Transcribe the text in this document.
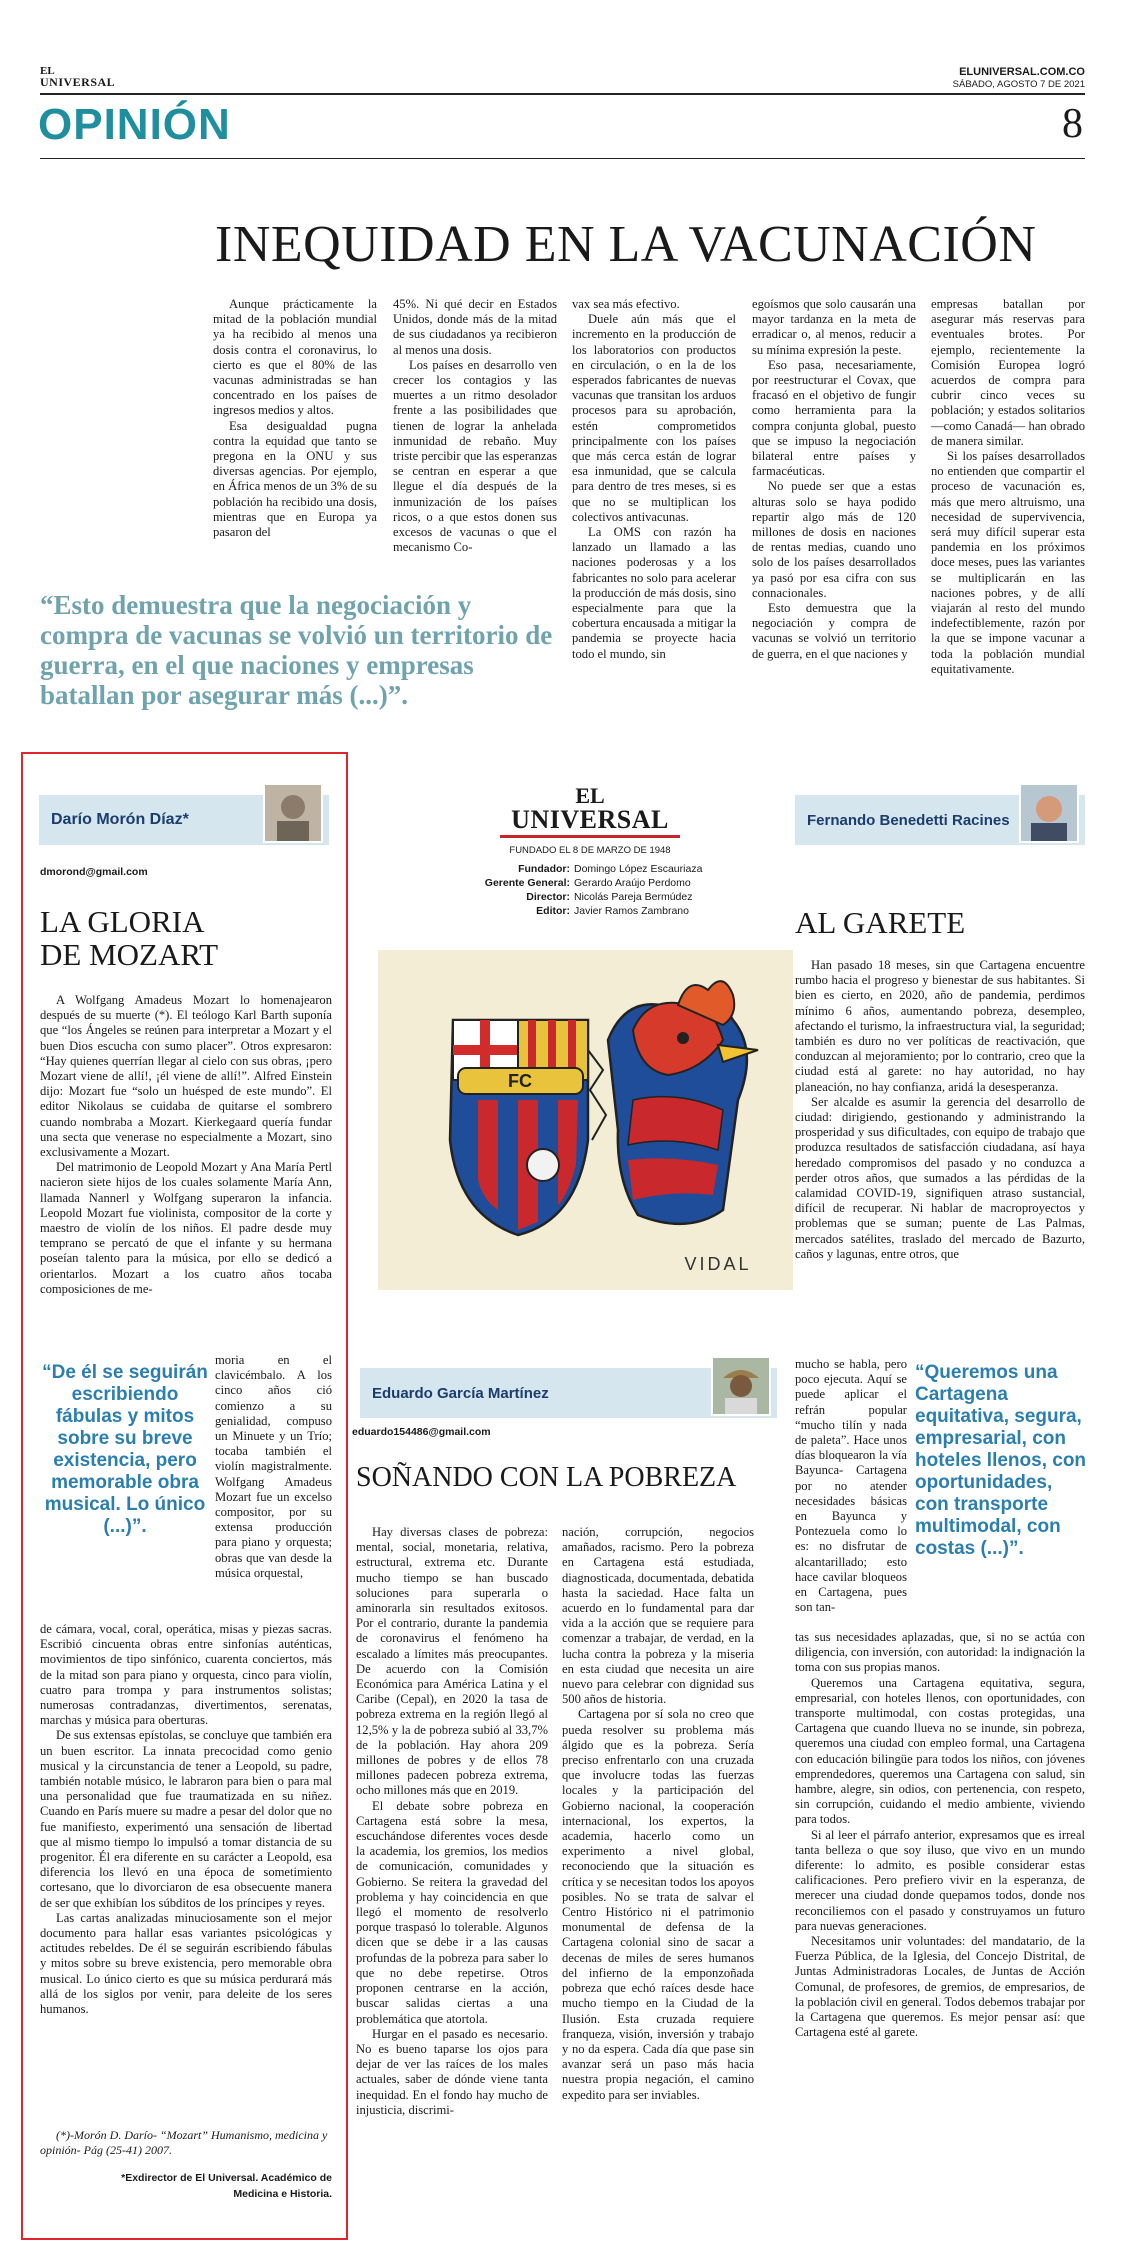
EL
UNIVERSAL
ELUNIVERSAL.COM.CO
SÁBADO, AGOSTO 7 DE 2021
OPINIÓN	8
INEQUIDAD EN LA VACUNACIÓN

Aunque prácticamente la mitad de la población mundial ya ha recibido al menos una dosis contra el coronavirus, lo cierto es que el 80% de las vacunas administradas se han concentrado en los países de ingresos medios y altos.

Esa desigualdad pugna contra la equidad que tanto se pregona en la ONU y sus diversas agencias. Por ejemplo, en África menos de un 3% de su población ha recibido una dosis, mientras que en Europa ya pasaron del

45%. Ni qué decir en Estados Unidos, donde más de la mitad de sus ciudadanos ya recibieron al menos una dosis.

Los países en desarrollo ven crecer los contagios y las muertes a un ritmo desolador frente a las posibilidades que tienen de lograr la anhelada inmunidad de rebaño. Muy triste percibir que las esperanzas se centran en esperar a que llegue el día después de la inmunización de los países ricos, o a que estos donen sus excesos de vacunas o que el mecanismo Co-

vax sea más efectivo.

Duele aún más que el incremento en la producción de los laboratorios con productos en circulación, o en la de los esperados fabricantes de nuevas vacunas que transitan los arduos procesos para su aprobación, estén comprometidos principalmente con los países que más cerca están de lograr esa inmunidad, que se calcula para dentro de tres meses, si es que no se multiplican los colectivos antivacunas.

La OMS con razón ha lanzado un llamado a las naciones poderosas y a los fabricantes no solo para acelerar la producción de más dosis, sino especialmente para que la cobertura encausada a mitigar la pandemia se proyecte hacia todo el mundo, sin

egoísmos que solo causarán una mayor tardanza en la meta de erradicar o, al menos, reducir a su mínima expresión la peste.

Eso pasa, necesariamente, por reestructurar el Covax, que fracasó en el objetivo de fungir como herramienta para la compra conjunta global, puesto que se impuso la negociación bilateral entre países y farmacéuticas.

No puede ser que a estas alturas solo se haya podido repartir algo más de 120 millones de dosis en naciones de rentas medias, cuando uno solo de los países desarrollados ya pasó por esa cifra con sus connacionales.

Esto demuestra que la negociación y compra de vacunas se volvió un territorio de guerra, en el que naciones y

empresas batallan por asegurar más reservas para eventuales brotes. Por ejemplo, recientemente la Comisión Europea logró acuerdos de compra para cubrir cinco veces su población; y estados solitarios —como Canadá— han obrado de manera similar.

Si los países desarrollados no entienden que compartir el proceso de vacunación es, más que mero altruismo, una necesidad de supervivencia, será muy difícil superar esta pandemia en los próximos doce meses, pues las variantes se multiplicarán en las naciones pobres, y de allí viajarán al resto del mundo indefectiblemente, razón por la que se impone vacunar a toda la población mundial equitativamente.

“Esto demuestra que la negociación y compra de vacunas se volvió un territorio de guerra, en el que naciones y empresas batallan por asegurar más (...)”.
Darío Morón Díaz*
dmorond@gmail.com
LA GLORIA
DE MOZART

A Wolfgang Amadeus Mozart lo homenajearon después de su muerte (*). El teólogo Karl Barth suponía que “los Ángeles se reúnen para interpretar a Mozart y el buen Dios escucha con sumo placer”. Otros expresaron: “Hay quienes querrían llegar al cielo con sus obras, ¡pero Mozart viene de allí!, ¡él viene de allí!”. Alfred Einstein dijo: Mozart fue “solo un huésped de este mundo”. El editor Nikolaus se cuidaba de quitarse el sombrero cuando nombraba a Mozart. Kierkegaard quería fundar una secta que venerase no especialmente a Mozart, sino exclusivamente a Mozart.

Del matrimonio de Leopold Mozart y Ana María Pertl nacieron siete hijos de los cuales solamente María Ann, llamada Nannerl y Wolfgang superaron la infancia. Leopold Mozart fue violinista, compositor de la corte y maestro de violín de los niños. El padre desde muy temprano se percató de que el infante y su hermana poseían talento para la música, por ello se dedicó a orientarlos. Mozart a los cuatro años tocaba composiciones de me-

“De él se seguirán escribiendo fábulas y mitos sobre su breve existencia, pero memorable obra musical. Lo único (...)”.

moria en el clavicémbalo. A los cinco años ció comienzo a su genialidad, compuso un Minuete y un Trío; tocaba también el violín magistralmente. Wolfgang Amadeus Mozart fue un excelso compositor, por su extensa producción para piano y orquesta; obras que van desde la música orquestal,

de cámara, vocal, coral, operática, misas y piezas sacras. Escribió cincuenta obras entre sinfonías auténticas, movimientos de tipo sinfónico, cuarenta conciertos, más de la mitad son para piano y orquesta, cinco para violín, cuatro para trompa y para instrumentos solistas; numerosas contradanzas, divertimentos, serenatas, marchas y música para oberturas.

De sus extensas epístolas, se concluye que también era un buen escritor. La innata precocidad como genio musical y la circunstancia de tener a Leopold, su padre, también notable músico, le labraron para bien o para mal una personalidad que fue traumatizada en su niñez. Cuando en París muere su madre a pesar del dolor que no fue manifiesto, experimentó una sensación de libertad que al mismo tiempo lo impulsó a tomar distancia de su progenitor. Él era diferente en su carácter a Leopold, esa diferencia los llevó en una época de sometimiento cortesano, que lo divorciaron de esa obsecuente manera de ser que exhibían los súbditos de los príncipes y reyes.

Las cartas analizadas minuciosamente son el mejor documento para hallar esas variantes psicológicas y actitudes rebeldes. De él se seguirán escribiendo fábulas y mitos sobre su breve existencia, pero memorable obra musical. Lo único cierto es que su música perdurará más allá de los siglos por venir, para deleite de los seres humanos.

(*)-Morón D. Darío- “Mozart” Humanismo, medicina y opinión- Pág (25-41) 2007.
*Exdirector de El Universal. Académico de
Medicina e Historia.
EL
UNIVERSAL
FUNDADO EL 8 DE MARZO DE 1948
Fundador: Domingo López Escauriaza
Gerente General: Gerardo Araújo Perdomo
Director: Nicolás Pareja Bermúdez
Editor: Javier Ramos Zambrano
FC
VIDAL
Eduardo García Martínez
eduardo154486@gmail.com
SOÑANDO CON LA POBREZA

Hay diversas clases de pobreza: mental, social, monetaria, relativa, estructural, extrema etc. Durante mucho tiempo se han buscado soluciones para superarla o aminorarla sin resultados exitosos. Por el contrario, durante la pandemia de coronavirus el fenómeno ha escalado a límites más preocupantes. De acuerdo con la Comisión Económica para América Latina y el Caribe (Cepal), en 2020 la tasa de pobreza extrema en la región llegó al 12,5% y la de pobreza subió al 33,7% de la población. Hay ahora 209 millones de pobres y de ellos 78 millones padecen pobreza extrema, ocho millones más que en 2019.

El debate sobre pobreza en Cartagena está sobre la mesa, escuchándose diferentes voces desde la academia, los gremios, los medios de comunicación, comunidades y Gobierno. Se reitera la gravedad del problema y hay coincidencia en que llegó el momento de resolverlo porque traspasó lo tolerable. Algunos dicen que se debe ir a las causas profundas de la pobreza para saber lo que no debe repetirse. Otros proponen centrarse en la acción, buscar salidas ciertas a una problemática que atortola.

Hurgar en el pasado es necesario. No es bueno taparse los ojos para dejar de ver las raíces de los males actuales, saber de dónde viene tanta inequidad. En el fondo hay mucho de injusticia, discrimi-

nación, corrupción, negocios amañados, racismo. Pero la pobreza en Cartagena está estudiada, diagnosticada, documentada, debatida hasta la saciedad. Hace falta un acuerdo en lo fundamental para dar vida a la acción que se requiere para comenzar a trabajar, de verdad, en la lucha contra la pobreza y la miseria en esta ciudad que necesita un aire nuevo para celebrar con dignidad sus 500 años de historia.

Cartagena por sí sola no creo que pueda resolver su problema más álgido que es la pobreza. Sería preciso enfrentarlo con una cruzada que involucre todas las fuerzas locales y la participación del Gobierno nacional, la cooperación internacional, los expertos, la academia, hacerlo como un experimento a nivel global, reconociendo que la situación es crítica y se necesitan todos los apoyos posibles. No se trata de salvar el Centro Histórico ni el patrimonio monumental de defensa de la Cartagena colonial sino de sacar a decenas de miles de seres humanos del infierno de la emponzoñada pobreza que echó raíces desde hace mucho tiempo en la Ciudad de la Ilusión. Esta cruzada requiere franqueza, visión, inversión y trabajo y no da espera. Cada día que pase sin avanzar será un paso más hacia nuestra propia negación, el camino expedito para ser inviables.

Fernando Benedetti Racines
AL GARETE

Han pasado 18 meses, sin que Cartagena encuentre rumbo hacia el progreso y bienestar de sus habitantes. Si bien es cierto, en 2020, año de pandemia, perdimos mínimo 6 años, aumentando pobreza, desempleo, afectando el turismo, la infraestructura vial, la seguridad; también es duro no ver políticas de reactivación, que conduzcan al mejoramiento; por lo contrario, creo que la ciudad está al garete: no hay autoridad, no hay planeación, no hay confianza, aridá la desesperanza.

Ser alcalde es asumir la gerencia del desarrollo de ciudad: dirigiendo, gestionando y administrando la prosperidad y sus dificultades, con equipo de trabajo que produzca resultados de satisfacción ciudadana, así haya heredado compromisos del pasado y no conduzca a perder otros años, que sumados a las pérdidas de la calamidad COVID-19, signifiquen atraso sustancial, difícil de recuperar. Ni hablar de macroproyectos y problemas que se suman; puente de Las Palmas, mercados satélites, traslado del mercado de Bazurto, caños y lagunas, entre otros, que

mucho se habla, pero poco ejecuta. Aquí se puede aplicar el refrán popular “mucho tilín y nada de paleta”. Hace unos días bloquearon la vía Bayunca- Cartagena por no atender necesidades básicas en Bayunca y Pontezuela como lo es: no disfrutar de alcantarillado; esto hace cavilar bloqueos en Cartagena, pues son tan-

“Queremos una Cartagena equitativa, segura, empresarial, con hoteles llenos, con oportunidades, con transporte multimodal, con costas (...)”.

tas sus necesidades aplazadas, que, si no se actúa con diligencia, con inversión, con autoridad: la indignación la toma con sus propias manos.

Queremos una Cartagena equitativa, segura, empresarial, con hoteles llenos, con oportunidades, con transporte multimodal, con costas protegidas, una Cartagena que cuando llueva no se inunde, sin pobreza, queremos una ciudad con empleo formal, una Cartagena con educación bilingüe para todos los niños, con jóvenes emprendedores, queremos una Cartagena con salud, sin hambre, alegre, sin odios, con pertenencia, con respeto, sin corrupción, cuidando el medio ambiente, viviendo para todos.

Si al leer el párrafo anterior, expresamos que es irreal tanta belleza o que soy iluso, que vivo en un mundo diferente: lo admito, es posible considerar estas calificaciones. Pero prefiero vivir en la esperanza, de merecer una ciudad donde quepamos todos, donde nos reconciliemos con el pasado y construyamos un futuro para nuevas generaciones.

Necesitamos unir voluntades: del mandatario, de la Fuerza Pública, de la Iglesia, del Concejo Distrital, de Juntas Administradoras Locales, de Juntas de Acción Comunal, de profesores, de gremios, de empresarios, de la población civil en general. Todos debemos trabajar por la Cartagena que queremos. Es mejor pensar así: que Cartagena esté al garete.
